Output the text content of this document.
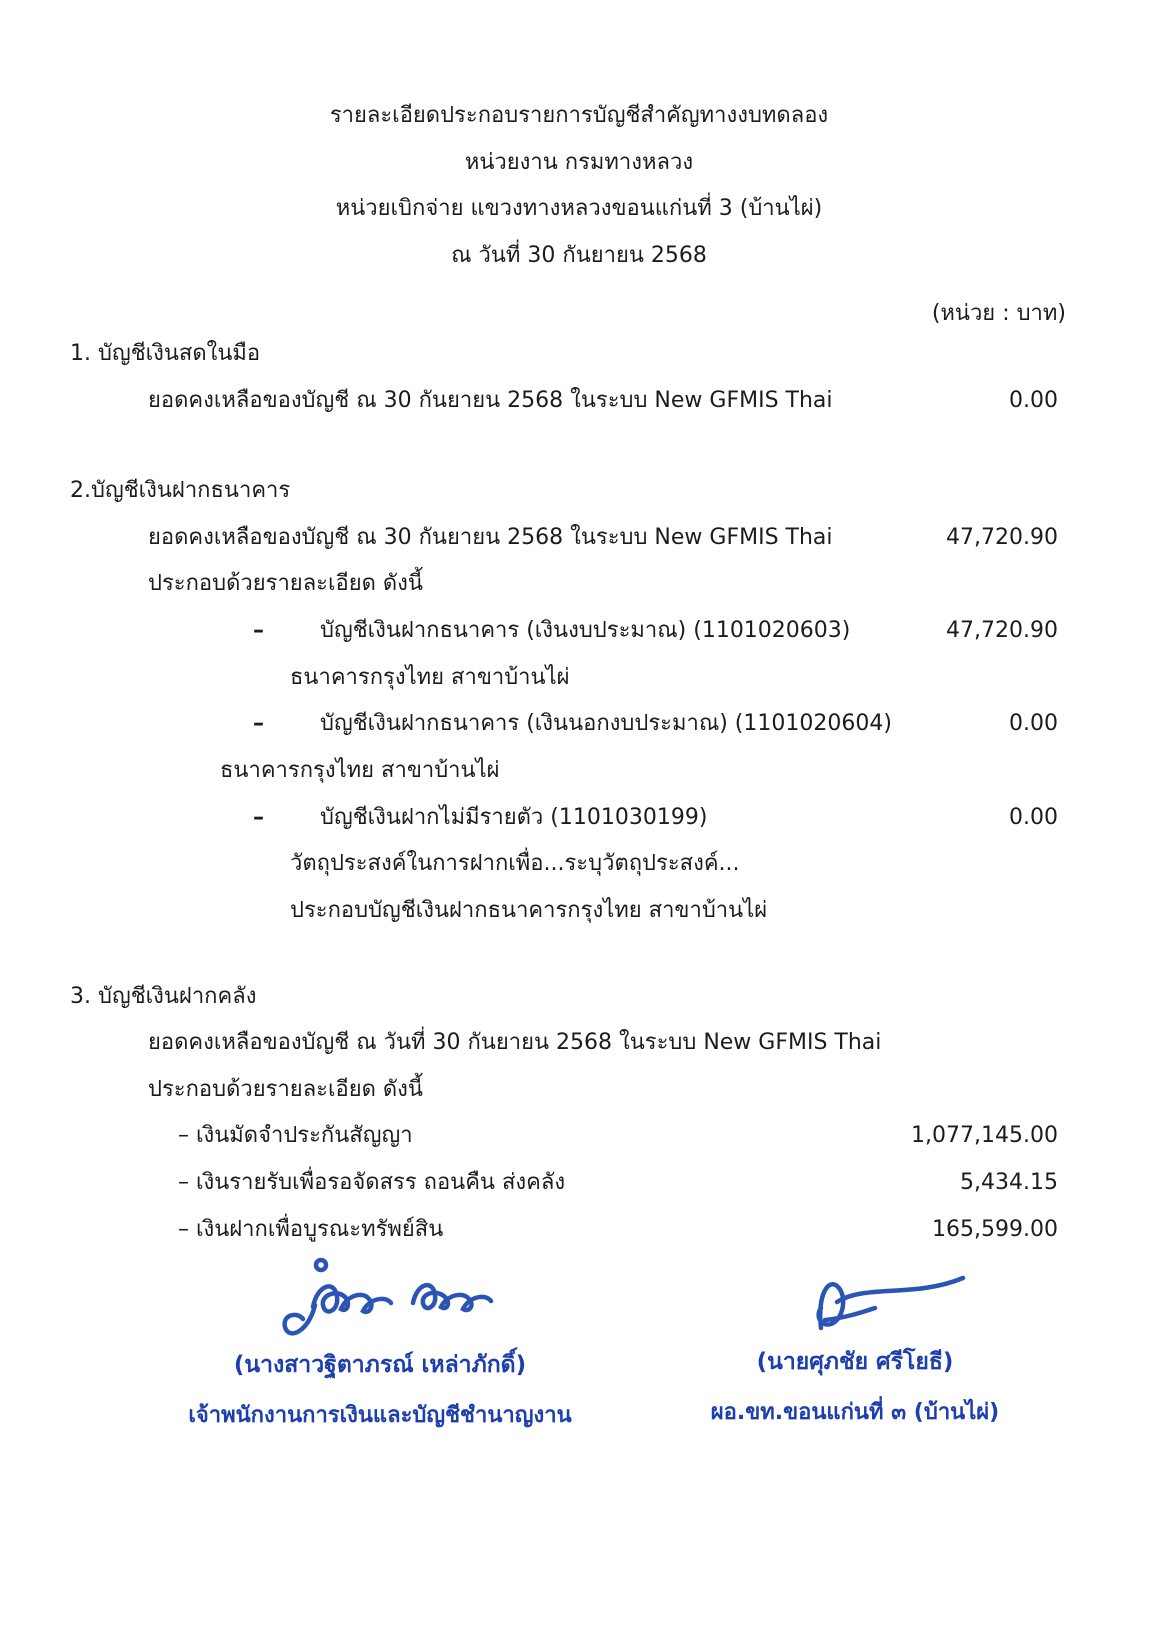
รายละเอียดประกอบรายการบัญชีสำคัญทางงบทดลอง
หน่วยงาน กรมทางหลวง
หน่วยเบิกจ่าย แขวงทางหลวงขอนแก่นที่ 3 (บ้านไผ่)
ณ วันที่ 30 กันยายน 2568
(หน่วย : บาท)
1. บัญชีเงินสดในมือ
ยอดคงเหลือของบัญชี ณ 30 กันยายน 2568 ในระบบ New GFMIS Thai	0.00
2.บัญชีเงินฝากธนาคาร
ยอดคงเหลือของบัญชี ณ 30 กันยายน 2568 ในระบบ New GFMIS Thai	47,720.90
ประกอบด้วยรายละเอียด ดังนี้
–	บัญชีเงินฝากธนาคาร (เงินงบประมาณ) (1101020603)	47,720.90
ธนาคารกรุงไทย สาขาบ้านไผ่
–	บัญชีเงินฝากธนาคาร (เงินนอกงบประมาณ) (1101020604)	0.00
ธนาคารกรุงไทย สาขาบ้านไผ่
–	บัญชีเงินฝากไม่มีรายตัว (1101030199)	0.00
วัตถุประสงค์ในการฝากเพื่อ...ระบุวัตถุประสงค์...
ประกอบบัญชีเงินฝากธนาคารกรุงไทย สาขาบ้านไผ่
3. บัญชีเงินฝากคลัง
ยอดคงเหลือของบัญชี ณ วันที่ 30 กันยายน 2568 ในระบบ New GFMIS Thai
ประกอบด้วยรายละเอียด ดังนี้
– เงินมัดจำประกันสัญญา	1,077,145.00
– เงินรายรับเพื่อรอจัดสรร ถอนคืน ส่งคลัง	5,434.15
– เงินฝากเพื่อบูรณะทรัพย์สิน	165,599.00
(นางสาวฐิตาภรณ์ เหล่าภักดิ์)
เจ้าพนักงานการเงินและบัญชีชำนาญงาน
(นายศุภชัย ศรีโยธี)
ผอ.ขท.ขอนแก่นที่ ๓ (บ้านไผ่)
